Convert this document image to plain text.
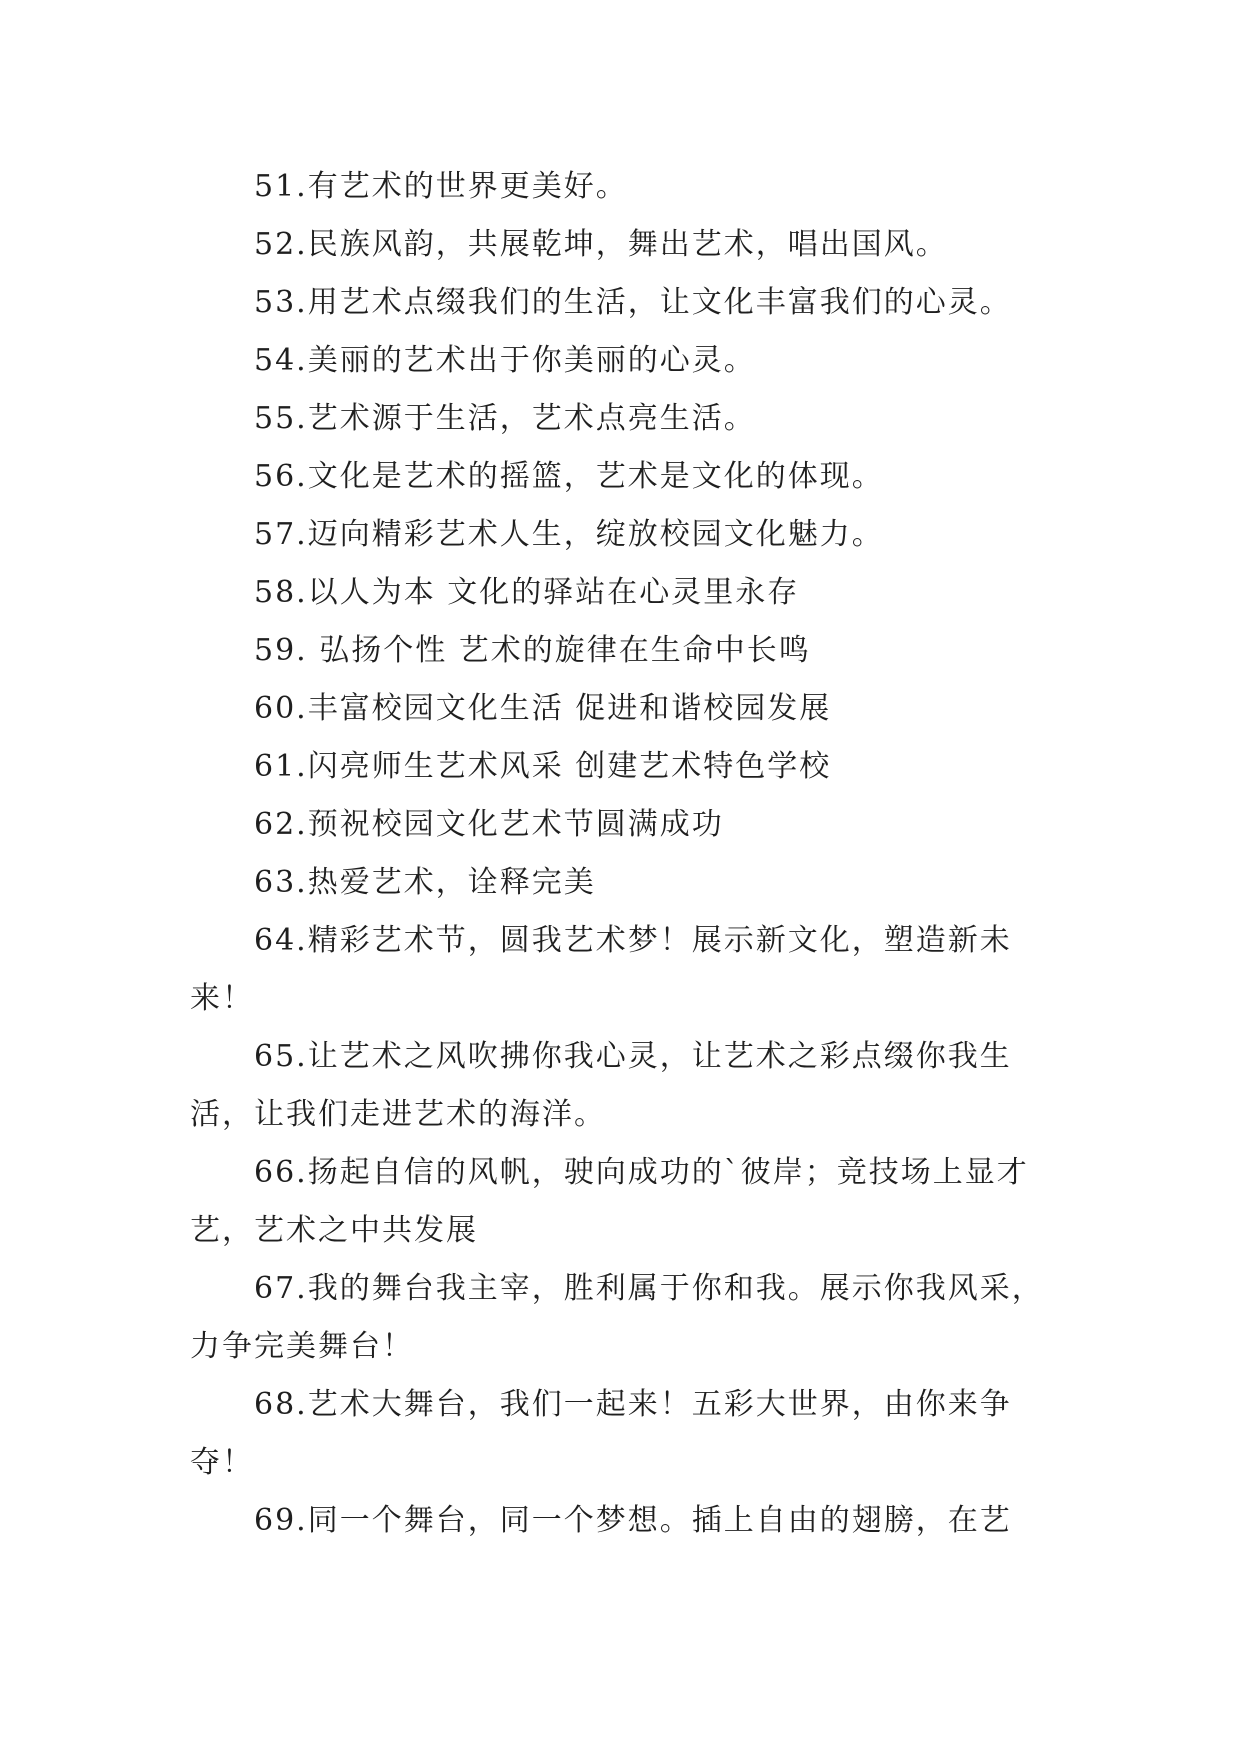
51.有艺术的世界更美好。

52.民族风韵，共展乾坤，舞出艺术，唱出国风。

53.用艺术点缀我们的生活，让文化丰富我们的心灵。

54.美丽的艺术出于你美丽的心灵。

55.艺术源于生活，艺术点亮生活。

56.文化是艺术的摇篮，艺术是文化的体现。

57.迈向精彩艺术人生，绽放校园文化魅力。

58.以人为本 文化的驿站在心灵里永存

59. 弘扬个性 艺术的旋律在生命中长鸣

60.丰富校园文化生活 促进和谐校园发展

61.闪亮师生艺术风采 创建艺术特色学校

62.预祝校园文化艺术节圆满成功

63.热爱艺术，诠释完美

64.精彩艺术节，圆我艺术梦！展示新文化，塑造新未来！

65.让艺术之风吹拂你我心灵，让艺术之彩点缀你我生活，让我们走进艺术的海洋。

66.扬起自信的风帆，驶向成功的`彼岸；竞技场上显才艺，艺术之中共发展

67.我的舞台我主宰，胜利属于你和我。展示你我风采，力争完美舞台！

68.艺术大舞台，我们一起来！五彩大世界，由你来争夺！

69.同一个舞台，同一个梦想。插上自由的翅膀，在艺
